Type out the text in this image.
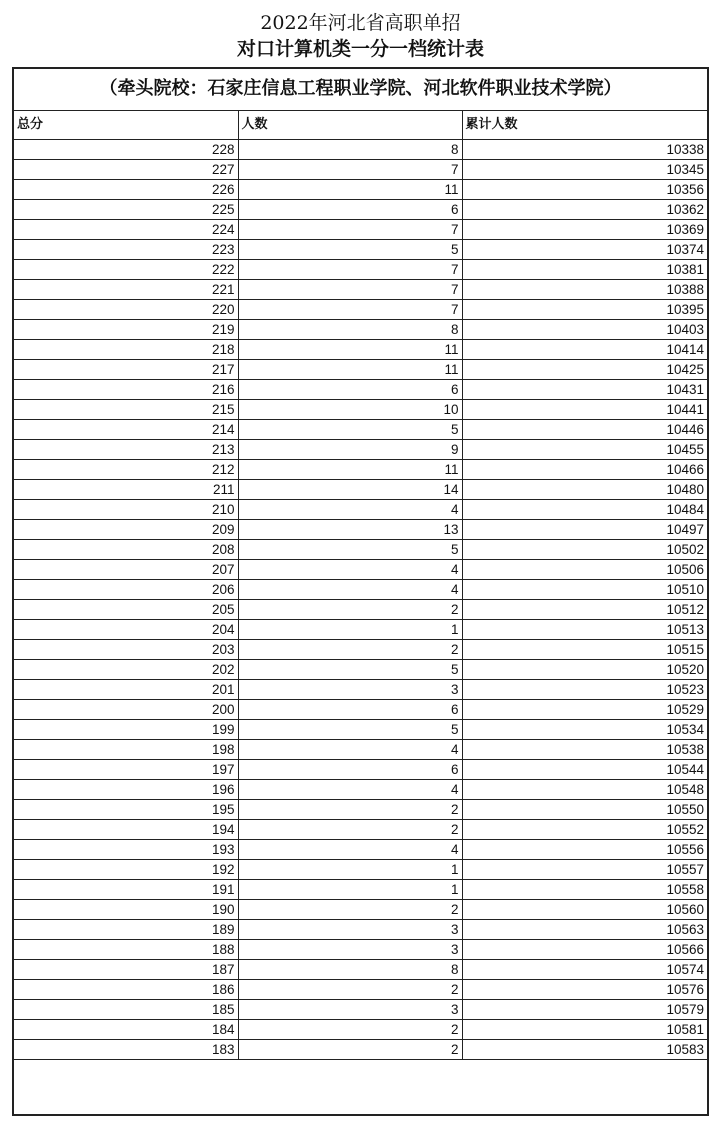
2022年河北省高职单招
对口计算机类一分一档统计表
（牵头院校：石家庄信息工程职业学院、河北软件职业技术学院）
总分	人数	累计人数
228	8	10338
227	7	10345
226	11	10356
225	6	10362
224	7	10369
223	5	10374
222	7	10381
221	7	10388
220	7	10395
219	8	10403
218	11	10414
217	11	10425
216	6	10431
215	10	10441
214	5	10446
213	9	10455
212	11	10466
211	14	10480
210	4	10484
209	13	10497
208	5	10502
207	4	10506
206	4	10510
205	2	10512
204	1	10513
203	2	10515
202	5	10520
201	3	10523
200	6	10529
199	5	10534
198	4	10538
197	6	10544
196	4	10548
195	2	10550
194	2	10552
193	4	10556
192	1	10557
191	1	10558
190	2	10560
189	3	10563
188	3	10566
187	8	10574
186	2	10576
185	3	10579
184	2	10581
183	2	10583
